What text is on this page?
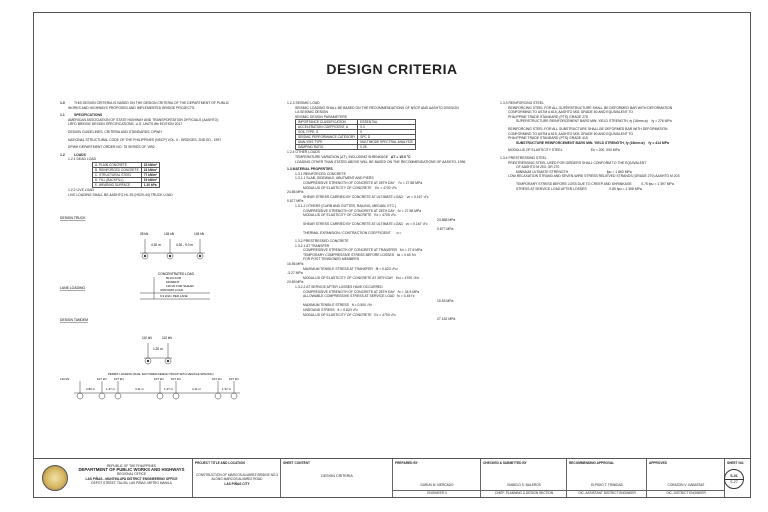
DESIGN CRITERIA
1.0	THIS DESIGN CRITERIA IS BASED ON THE DESIGN CRITERIA OF THE DEPARTMENT OF PUBLIC
WORKS AND HIGHWAYS PROPOSED AND IMPLEMENTED BRIDGE PROJECTS.
1.1	SPECIFICATIONS
AMERICAN ASSOCIATION OF STATE HIGHWAY AND TRANSPORTATION OFFICIALS (AASHTO)
LRFD BRIDGE DESIGN SPECIFICATIONS, U.S. UNITS 8th EDITION 2017
DESIGN GUIDELINES, CRITERIA AND STANDARDS, DPWH
NATIONAL STRUCTURAL CODE OF THE PHILIPPINES (NSCP) VOL. II - BRIDGES, 2ND ED., 1997
DPWH DEPARTMENT ORDER NO. 75 SERIES OF 1992
1.2	LOADS
1.2.1 DEAD LOAD
A. PLAIN CONCRETE	23 kN/m³
B. REINFORCED CONCRETE	24 kN/m³
C. STRUCTURAL STEEL	77 kN/m³
D. FILL (BACKFILL)	19 kN/m³
E. WEARING SURFACE	1.10 kPa
1.2.2 LIVE LOAD
LIVE LOADING SHALL BE AASHTO HL-93 (HS20-44) TRUCK LOAD
DESIGN TRUCK
35 kN	145 kN	145 kN
4.30 m	4.30 - 9.0 m
LANE LOADING
CONCENTRATED LOAD
80 kN FOR
MOMENT
116 kN FOR SHEAR
UNIFORM LOAD
9.3 kN/m PER LANE
DESIGN TANDEM
110 kN	110 kN
1.20 m
PERMIT LOADING (DUAL FACTORED DESIGN TRUCK WITH VEHICLE SPACING)
110 kN	107 kN 107 kN	107 kN 107 kN	107 kN 107 kN
2.80 m	1.37 m	4.11 m	1.37 m	4.11 m	1.37 m
1.2.3 SEISMIC LOAD
SEISMIC LOADING SHALL BE BASED ON THE RECOMMENDATIONS OF NSCP AND AASHTO DIVISION
I-A SEISMIC DESIGN
SEISMIC DESIGN PARAMETERS
IMPORTANCE CLASSIFICATION	ESSENTIAL
ACCELERATION COEFFICIENT, A	0.4
SOIL TYPE, S	II
SEISMIC PERFORMANCE CATEGORY	SPC D
ANALYSIS TYPE	MULTIMODE SPECTRAL ANALYSIS
DAMPING RATIO	0.05
1.2.4 OTHER LOADS
TEMPERATURE VARIATION (ΔT), INCLUDING SHRINKAGE ΔT = 15.0 °C
LOADING OTHER THAN STATED ABOVE WILL BE BASED ON THE RECOMMENDATIONS OF AASHTO, 1996
1.3 MATERIAL PROPERTIES
1.3.1 REINFORCED CONCRETE
1.3.1.1 SLAB, SIDEWALK, ABUTMENT AND PIERS
COMPRESSIVE STRENGTH OF CONCRETE AT 28TH DAY f'c = 27.58 MPa
MODULUS OF ELASTICITY OF CONCRETE Ec = 4700 √f'c
24.86 MPa
SHEAR STRESS CARRIED BY CONCRETE AT ULTIMATE LOAD vc = 0.167 √f'c
0.877 MPa
1.3.1.2 OTHERS (CURB AND GUTTER, RAILING, MEDIAN, ETC.)
COMPRESSIVE STRENGTH OF CONCRETE AT 28TH DAY f'c = 27.58 MPa
MODULUS OF ELASTICITY OF CONCRETE Ec = 4700 √f'c
24.868 MPa
SHEAR STRESS CARRIED BY CONCRETE AT ULTIMATE LOAD vc = 0.167 √f'c
0.877 MPa
THERMAL EXPANSION / CONTRACTION COEFFICIENT α =
1.3.2 PRESTRESSED CONCRETE
1.3.2.1 AT TRANSFER
COMPRESSIVE STRENGTH OF CONCRETE AT TRANSFER f'ci = 27.6 MPa
TEMPORARY COMPRESSIVE STRESS BEFORE LOSSES fci = 0.60 f'ci
FOR POST TENSIONED MEMBERS
16.56 MPa
MAXIMUM TENSILE STRESS AT TRANSFER fti = 0.623 √f'ci
-3.27 MPa
MODULUS OF ELASTICITY OF CONCRETE AT 28TH DAY Eci = 4700 √f'ci
24.69 MPa
1.3.2.2 AT SERVICE AFTER LOSSES HAVE OCCURRED
COMPRESSIVE STRENGTH OF CONCRETE AT 28TH DAY f'c = 34.5 MPa
ALLOWABLE COMPRESSIVE STRESS AT SERVICE LOAD fc = 0.45 f'c
15.53 MPa
MAXIMUM TENSILE STRESS ft = 0.500 √f'c
UNSOUND STRESS ft = 0.623 √f'c
MODULUS OF ELASTICITY OF CONCRETE Ec = 4700 √f'c
27.152 MPa
1.3.3 REINFORCING STEEL
REINFORCING STEEL FOR ALL SUPERSTRUCTURE SHALL BE DEFORMED BAR WITH DEFORMATION
CONFORMING TO ASTM A 615, AASHTO M31 GRADE 60 AND EQUIVALENT TO
PHILIPPINE TRADE STANDARD (PTS) GRADE 275
SUPERSTRUCTURE REINFORCEMENT BARS MIN. YIELD STRENGTH, fy (16mm ø) fy = 276 MPa
REINFORCING STEEL FOR ALL SUBSTRUCTURE SHALL BE DEFORMED BAR WITH DEFORMATION
CONFORMING TO ASTM A 615, AASHTO M31 GRADE 60 AND EQUIVALENT TO
PHILIPPINE TRADE STANDARD (PTS) GRADE 415
SUBSTRUCTURE REINFORCEMENT BARS MIN. YIELD STRENGTH, fy (16mm ø) fy = 414 MPa
MODULUS OF ELASTICITY STEEL	Es = 200, 000 MPa
1.3.4 PRESTRESSING STEEL
PRESTRESSING STEEL USED FOR GIRDERS SHALL CONFORM TO THE EQUIVALENT
OF AASHTO M 203, GR 270
MINIMUM ULTIMATE STRENGTH	fpu = 1 860 MPa
LOW-RELAXATION STRAND AND SEVEN-WIRE STRESS RELIEVED STRANDS (GRADE 270) AASHTO M 203
TEMPORARY STRESS BEFORE LOSS DUE TO CREEP AND SHRINKAGE	0.75 fpu = 1 397 MPa
STRESS AT SERVICE LOAD AFTER LOSSES	0.80 fpu = 1 308 MPa
REPUBLIC OF THE PHILIPPINES
DEPARTMENT OF PUBLIC WORKS AND HIGHWAYS
REGIONAL OFFICE
LAS PIÑAS - MUNTINLUPA DISTRICT ENGINEERING OFFICE
DEPOT STREET, TALON, LAS PIÑAS, METRO MANILA
PROJECT TITLE AND LOCATION
CONSTRUCTION OF MARCOS ALVAREZ BRIDGE NO.3
ALONG MARCOS ALVAREZ ROAD
LAS PIÑAS CITY
SHEET CONTENT
DESIGN CRITERIA
PREPARED BY
DARUN M. MERCADO
ENGINEER II
CHECKED & SUBMITTED BY
ISABELO S. BALEROS
CHIEF, PLANNING & DESIGN SECTION
RECOMMENDING APPROVAL
ELPIDIO T. TRINIDAD
OIC, ASSISTANT DISTRICT ENGINEER
APPROVED
CORAZON V. GABATBAT
OIC, DISTRICT ENGINEER
SHEET NO.
S-01
S-27
